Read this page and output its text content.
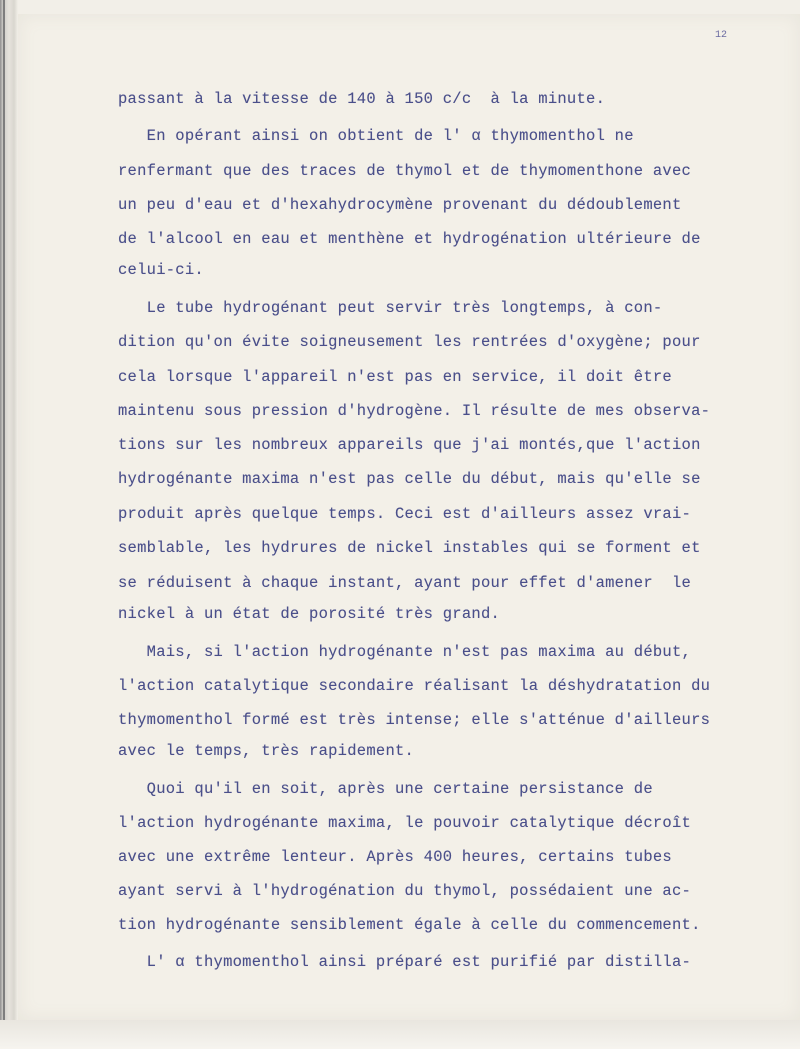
12
passant à la vitesse de 140 à 150 c/c  à la minute.
En opérant ainsi on obtient de l' α thymomenthol ne
renfermant que des traces de thymol et de thymomenthone avec
un peu d'eau et d'hexahydrocymène provenant du dédoublement
de l'alcool en eau et menthène et hydrogénation ultérieure de
celui-ci.
Le tube hydrogénant peut servir très longtemps, à con-
dition qu'on évite soigneusement les rentrées d'oxygène; pour
cela lorsque l'appareil n'est pas en service, il doit être
maintenu sous pression d'hydrogène. Il résulte de mes observa-
tions sur les nombreux appareils que j'ai montés,que l'action
hydrogénante maxima n'est pas celle du début, mais qu'elle se
produit après quelque temps. Ceci est d'ailleurs assez vrai-
semblable, les hydrures de nickel instables qui se forment et
se réduisent à chaque instant, ayant pour effet d'amener  le
nickel à un état de porosité très grand.
Mais, si l'action hydrogénante n'est pas maxima au début,
l'action catalytique secondaire réalisant la déshydratation du
thymomenthol formé est très intense; elle s'atténue d'ailleurs
avec le temps, très rapidement.
Quoi qu'il en soit, après une certaine persistance de
l'action hydrogénante maxima, le pouvoir catalytique décroît
avec une extrême lenteur. Après 400 heures, certains tubes
ayant servi à l'hydrogénation du thymol, possédaient une ac-
tion hydrogénante sensiblement égale à celle du commencement.
L' α thymomenthol ainsi préparé est purifié par distilla-
